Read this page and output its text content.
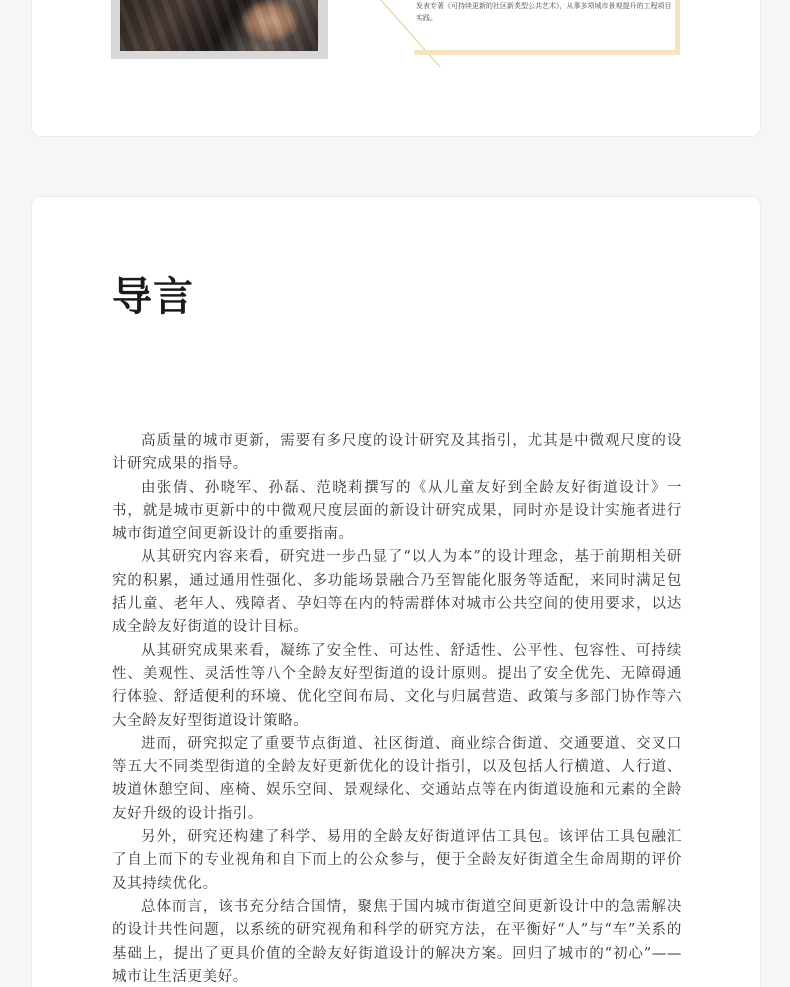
发表专著《可持续更新的社区新类型公共艺术》，从事多项城市景观提升的工程项目实践。

导言

高质量的城市更新，需要有多尺度的设计研究及其指引，尤其是中微观尺度的设计研究成果的指导。

由张倩、孙晓军、孙磊、范晓莉撰写的《从儿童友好到全龄友好街道设计》一书，就是城市更新中的中微观尺度层面的新设计研究成果，同时亦是设计实施者进行城市街道空间更新设计的重要指南。

从其研究内容来看，研究进一步凸显了“以人为本”的设计理念，基于前期相关研究的积累，通过通用性强化、多功能场景融合乃至智能化服务等适配，来同时满足包括儿童、老年人、残障者、孕妇等在内的特需群体对城市公共空间的使用要求，以达成全龄友好街道的设计目标。

从其研究成果来看，凝练了安全性、可达性、舒适性、公平性、包容性、可持续性、美观性、灵活性等八个全龄友好型街道的设计原则。提出了安全优先、无障碍通行体验、舒适便利的环境、优化空间布局、文化与归属营造、政策与多部门协作等六大全龄友好型街道设计策略。

进而，研究拟定了重要节点街道、社区街道、商业综合街道、交通要道、交叉口等五大不同类型街道的全龄友好更新优化的设计指引，以及包括人行横道、人行道、坡道休憩空间、座椅、娱乐空间、景观绿化、交通站点等在内街道设施和元素的全龄友好升级的设计指引。

另外，研究还构建了科学、易用的全龄友好街道评估工具包。该评估工具包融汇了自上而下的专业视角和自下而上的公众参与，便于全龄友好街道全生命周期的评价及其持续优化。

总体而言，该书充分结合国情，聚焦于国内城市街道空间更新设计中的急需解决的设计共性问题，以系统的研究视角和科学的研究方法，在平衡好“人”与“车”关系的基础上，提出了更具价值的全龄友好街道设计的解决方案。回归了城市的“初心”——城市让生活更美好。
